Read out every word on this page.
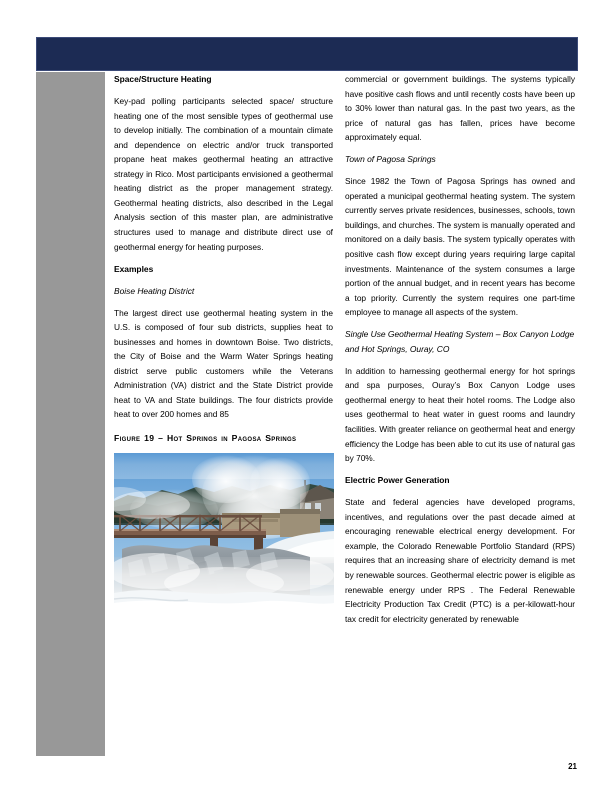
Space/Structure Heating

Key-pad polling participants selected space/ structure heating one of the most sensible types of geothermal use to develop initially. The combination of a mountain climate and dependence on electric and/or truck transported propane heat makes geothermal heating an attractive strategy in Rico. Most participants envisioned a geothermal heating district as the proper management strategy. Geothermal heating districts, also described in the Legal Analysis section of this master plan, are administrative structures used to manage and distribute direct use of geothermal energy for heating purposes.

Examples
Boise Heating District

The largest direct use geothermal heating system in the U.S. is composed of four sub districts, supplies heat to businesses and homes in downtown Boise. Two districts, the City of Boise and the Warm Water Springs heating district serve public customers while the Veterans Administration (VA) district and the State District provide heat to VA and State buildings. The four districts provide heat to over 200 homes and 85

Figure 19 – Hot Springs in Pagosa Springs

commercial or government buildings. The systems typically have positive cash flows and until recently costs have been up to 30% lower than natural gas. In the past two years, as the price of natural gas has fallen, prices have become approximately equal.

Town of Pagosa Springs

Since 1982 the Town of Pagosa Springs has owned and operated a municipal geothermal heating system. The system currently serves private residences, businesses, schools, town buildings, and churches. The system is manually operated and monitored on a daily basis. The system typically operates with positive cash flow except during years requiring large capital investments. Maintenance of the system consumes a large portion of the annual budget, and in recent years has become a top priority. Currently the system requires one part-time employee to manage all aspects of the system.

Single Use Geothermal Heating System – Box Canyon Lodge and Hot Springs, Ouray, CO

In addition to harnessing geothermal energy for hot springs and spa purposes, Ouray’s Box Canyon Lodge uses geothermal energy to heat their hotel rooms. The Lodge also uses geothermal to heat water in guest rooms and laundry facilities. With greater reliance on geothermal heat and energy efficiency the Lodge has been able to cut its use of natural gas by 70%.

Electric Power Generation

State and federal agencies have developed programs, incentives, and regulations over the past decade aimed at encouraging renewable electrical energy development. For example, the Colorado Renewable Portfolio Standard (RPS) requires that an increasing share of electricity demand is met by renewable sources. Geothermal electric power is eligible as renewable energy under RPS . The Federal Renewable Electricity Production Tax Credit (PTC) is a per-kilowatt-hour tax credit for electricity generated by renewable

21
